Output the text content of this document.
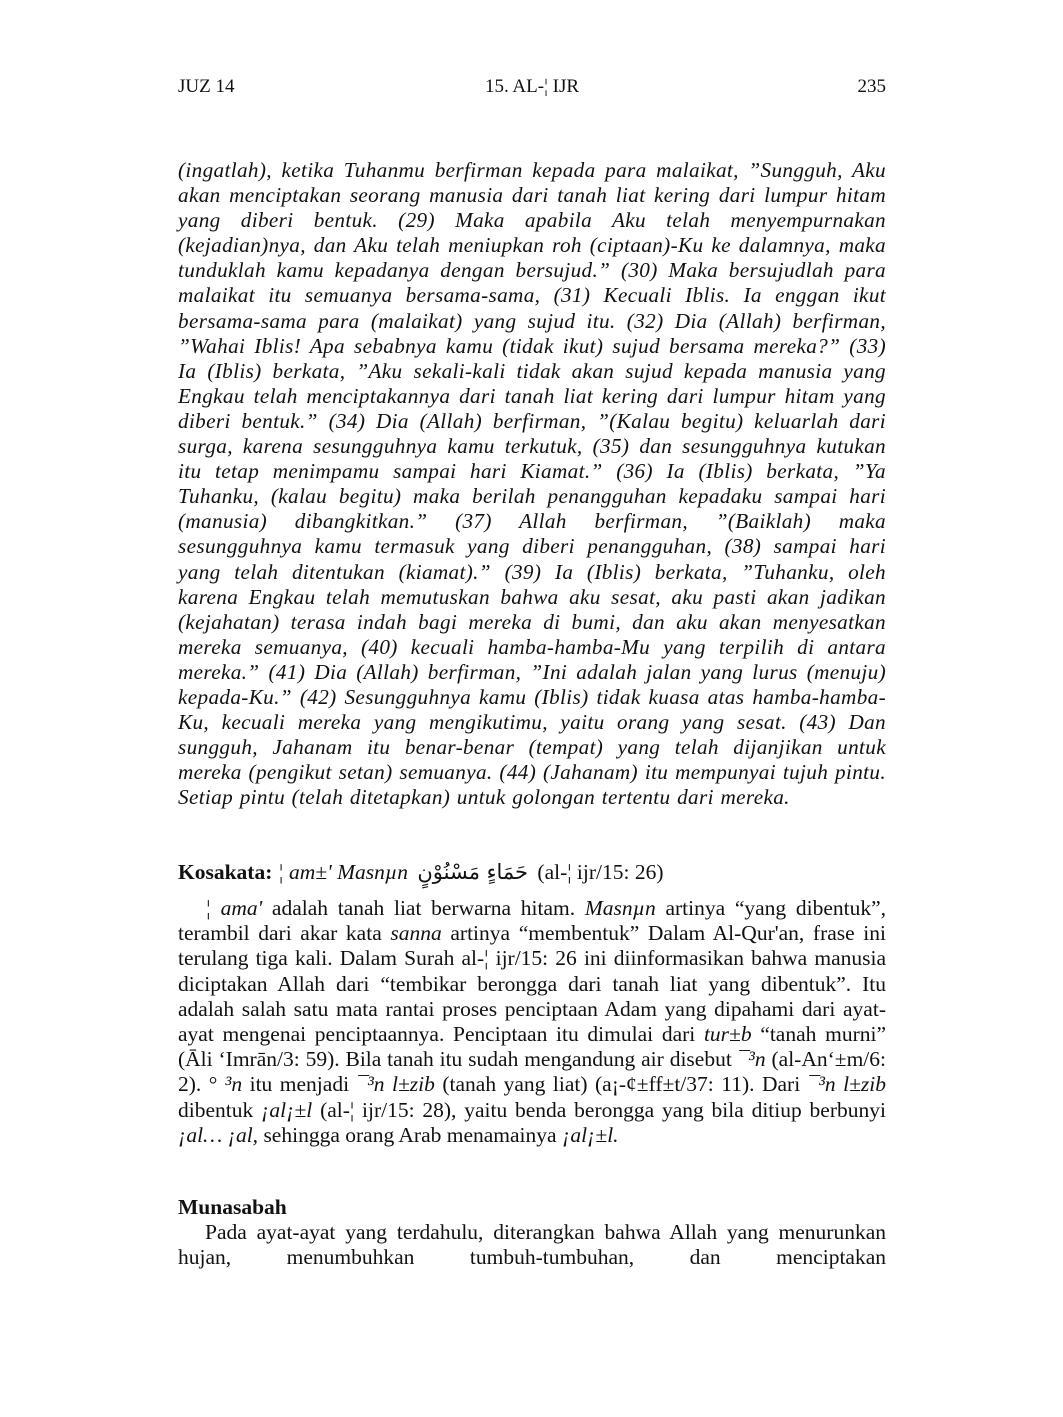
JUZ 14	15. AL-¦ IJR	235

(ingatlah), ketika Tuhanmu berfirman kepada para malaikat, ”Sungguh, Aku akan menciptakan seorang manusia dari tanah liat kering dari lumpur hitam yang diberi bentuk. (29) Maka apabila Aku telah menyempurnakan (kejadian)nya, dan Aku telah meniupkan roh (ciptaan)-Ku ke dalamnya, maka tunduklah kamu kepadanya dengan bersujud.” (30) Maka bersujudlah para malaikat itu semuanya bersama-sama, (31) Kecuali Iblis. Ia enggan ikut bersama-sama para (malaikat) yang sujud itu. (32) Dia (Allah) berfirman, ”Wahai Iblis! Apa sebabnya kamu (tidak ikut) sujud bersama mereka?” (33) Ia (Iblis) berkata, ”Aku sekali-kali tidak akan sujud kepada manusia yang Engkau telah menciptakannya dari tanah liat kering dari lumpur hitam yang diberi bentuk.” (34) Dia (Allah) berfirman, ”(Kalau begitu) keluarlah dari surga, karena sesungguhnya kamu terkutuk, (35) dan sesungguhnya kutukan itu tetap menimpamu sampai hari Kiamat.” (36) Ia (Iblis) berkata, ”Ya Tuhanku, (kalau begitu) maka berilah penangguhan kepadaku sampai hari (manusia) dibangkitkan.” (37) Allah berfirman, ”(Baiklah) maka sesungguhnya kamu termasuk yang diberi penangguhan, (38) sampai hari yang telah ditentukan (kiamat).” (39) Ia (Iblis) berkata, ”Tuhanku, oleh karena Engkau telah memutuskan bahwa aku sesat, aku pasti akan jadikan (kejahatan) terasa indah bagi mereka di bumi, dan aku akan menyesatkan mereka semuanya, (40) kecuali hamba-hamba-Mu yang terpilih di antara mereka.” (41) Dia (Allah) berfirman, ”Ini adalah jalan yang lurus (menuju) kepada-Ku.” (42) Sesungguhnya kamu (Iblis) tidak kuasa atas hamba-hamba-Ku, kecuali mereka yang mengikutimu, yaitu orang yang sesat. (43) Dan sungguh, Jahanam itu benar-benar (tempat) yang telah dijanjikan untuk mereka (pengikut setan) semuanya. (44) (Jahanam) itu mempunyai tujuh pintu. Setiap pintu (telah ditetapkan) untuk golongan tertentu dari mereka.

Kosakata: ¦ am±' Masnµn حَمَاءٍ مَسْنُوْنٍ (al-¦ ijr/15: 26)

¦ ama' adalah tanah liat berwarna hitam. Masnµn artinya “yang dibentuk”, terambil dari akar kata sanna artinya “membentuk” Dalam Al-Qur'an, frase ini terulang tiga kali. Dalam Surah al-¦ ijr/15: 26 ini diinformasikan bahwa manusia diciptakan Allah dari “tembikar berongga dari tanah liat yang dibentuk”. Itu adalah salah satu mata rantai proses penciptaan Adam yang dipahami dari ayat-ayat mengenai penciptaannya. Penciptaan itu dimulai dari tur±b “tanah murni” (Āli ‘Imrān/3: 59). Bila tanah itu sudah mengandung air disebut ¯³n (al-An‘±m/6: 2). ° ³n itu menjadi ¯³n l±zib (tanah yang liat) (a¡-¢±ff±t/37: 11). Dari ¯³n l±zib dibentuk ¡al¡±l (al-¦ ijr/15: 28), yaitu benda berongga yang bila ditiup berbunyi ¡al… ¡al, sehingga orang Arab menamainya ¡al¡±l.

Munasabah

Pada ayat-ayat yang terdahulu, diterangkan bahwa Allah yang menurunkan hujan, menumbuhkan tumbuh-tumbuhan, dan menciptakan
